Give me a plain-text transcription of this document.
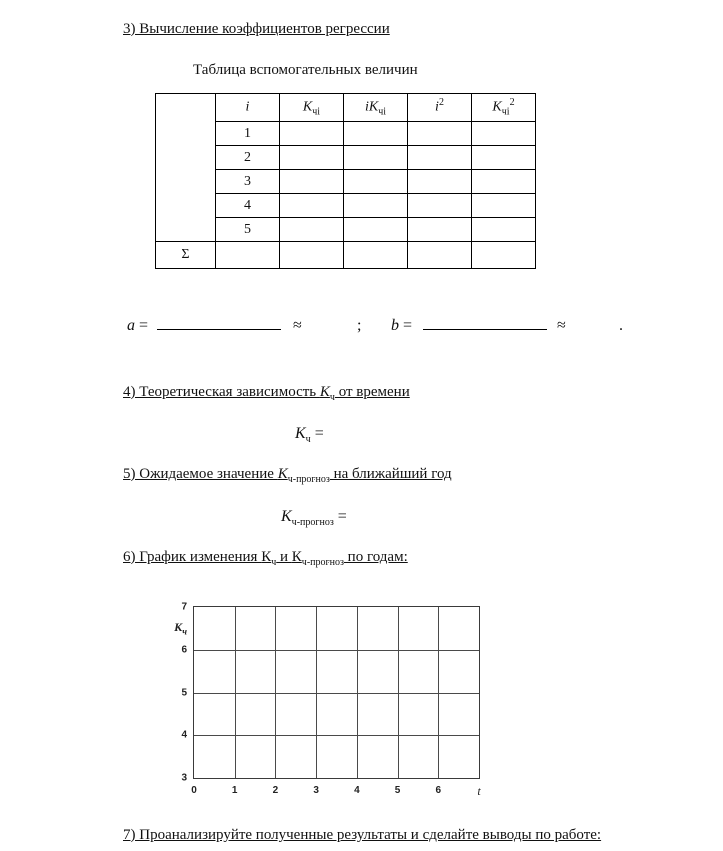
3) Вычисление коэффициентов регрессии
Таблица вспомогательных величин
	i	$K_{чi}$	$iK_{чi}$	$i^2$	$K_{чi}^2$
	1				
	2				
	3				
	4				
	5				
Σ					
a =	≈	; b =	≈	.
4) Теоретическая зависимость $K_ч$ от времени
$K_ч$ =
5) Ожидаемое значение $K_{ч-прогноз}$ на ближайший год
$K_{ч-прогноз}$ =
6) График изменения $К_ч$ и $К_{ч-прогноз}$ по годам:
7
6
5
4
3
$К_ч$
0	1	2	3	4	5	6	t
7) Проанализируйте полученные результаты и сделайте выводы по работе:
